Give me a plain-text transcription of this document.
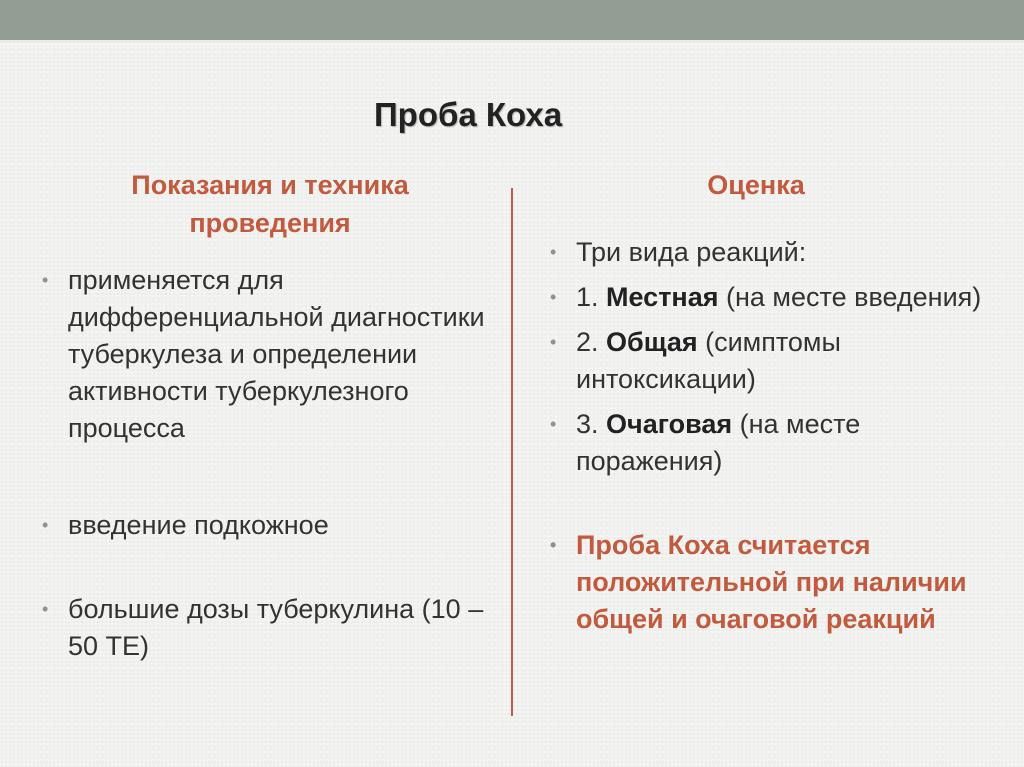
Проба Коха
Показания и техника проведения
Оценка
• применяется для дифференциальной диагностики туберкулеза и определении активности туберкулезного процесса
• введение подкожное
• большие дозы туберкулина (10 – 50 ТЕ)
• Три вида реакций:
• 1. Местная (на месте введения)
• 2. Общая (симптомы интоксикации)
• 3. Очаговая (на месте поражения)
• Проба Коха считается положительной при наличии общей и очаговой реакций
